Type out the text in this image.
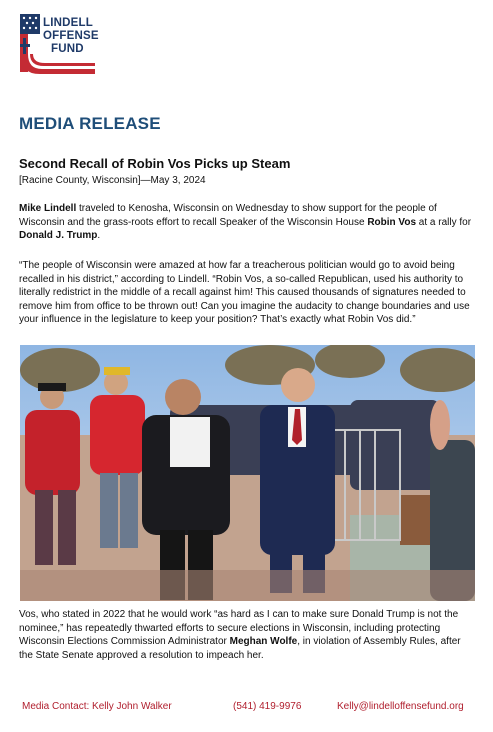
LINDELL
OFFENSE
FUND
MEDIA RELEASE
Second Recall of Robin Vos Picks up Steam
[Racine County, Wisconsin]—May 3, 2024
Mike Lindell traveled to Kenosha, Wisconsin on Wednesday to show support for the people of Wisconsin and the grass-roots effort to recall Speaker of the Wisconsin House Robin Vos at a rally for Donald J. Trump.
“The people of Wisconsin were amazed at how far a treacherous politician would go to avoid being recalled in his district,” according to Lindell. “Robin Vos, a so-called Republican, used his authority to literally redistrict in the middle of a recall against him! This caused thousands of signatures needed to remove him from office to be thrown out! Can you imagine the audacity to change boundaries and use your influence in the legislature to keep your position? That’s exactly what Robin Vos did.”
Vos, who stated in 2022 that he would work “as hard as I can to make sure Donald Trump is not the nominee,” has repeatedly thwarted efforts to secure elections in Wisconsin, including protecting Wisconsin Elections Commission Administrator Meghan Wolfe, in violation of Assembly Rules, after the State Senate approved a resolution to impeach her.
Media Contact: Kelly John Walker	(541) 419-9976	Kelly@lindelloffensefund.org
